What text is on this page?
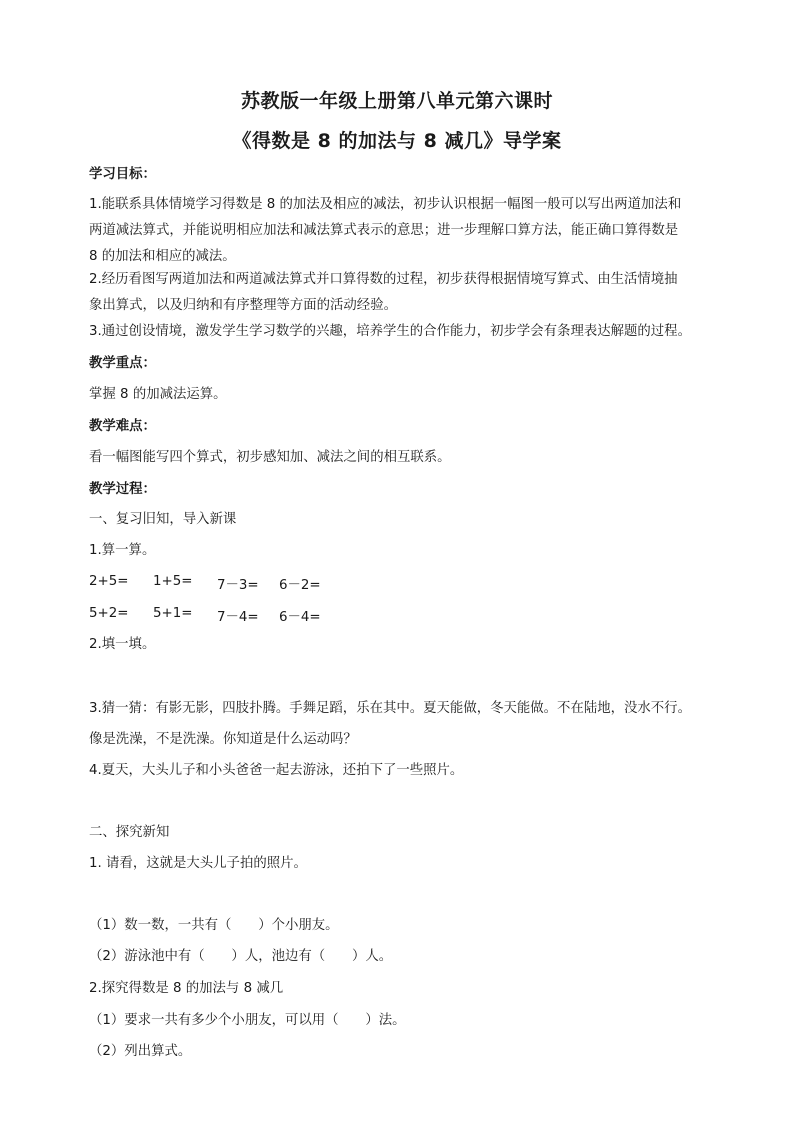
苏教版一年级上册第八单元第六课时
《得数是 8 的加法与 8 减几》导学案
学习目标：
1.能联系具体情境学习得数是 8 的加法及相应的减法，初步认识根据一幅图一般可以写出两道加法和
两道减法算式，并能说明相应加法和减法算式表示的意思；进一步理解口算方法，能正确口算得数是
8 的加法和相应的减法。
2.经历看图写两道加法和两道减法算式并口算得数的过程，初步获得根据情境写算式、由生活情境抽
象出算式，以及归纳和有序整理等方面的活动经验。
3.通过创设情境，激发学生学习数学的兴趣，培养学生的合作能力，初步学会有条理表达解题的过程。
教学重点：
掌握 8 的加减法运算。
教学难点：
看一幅图能写四个算式，初步感知加、减法之间的相互联系。
教学过程：
一、复习旧知，导入新课
1.算一算。
2+5= 1+5= 7－3= 6－2=
5+2= 5+1= 7－4= 6－4=
2.填一填。
3.猜一猜：有影无影，四肢扑腾。手舞足蹈，乐在其中。夏天能做，冬天能做。不在陆地，没水不行。
像是洗澡，不是洗澡。你知道是什么运动吗？
4.夏天，大头儿子和小头爸爸一起去游泳，还拍下了一些照片。
二、探究新知
1. 请看，这就是大头儿子拍的照片。
（1）数一数，一共有（　　）个小朋友。
（2）游泳池中有（　　）人，池边有（　　）人。
2.探究得数是 8 的加法与 8 减几
（1）要求一共有多少个小朋友，可以用（　　）法。
（2）列出算式。
